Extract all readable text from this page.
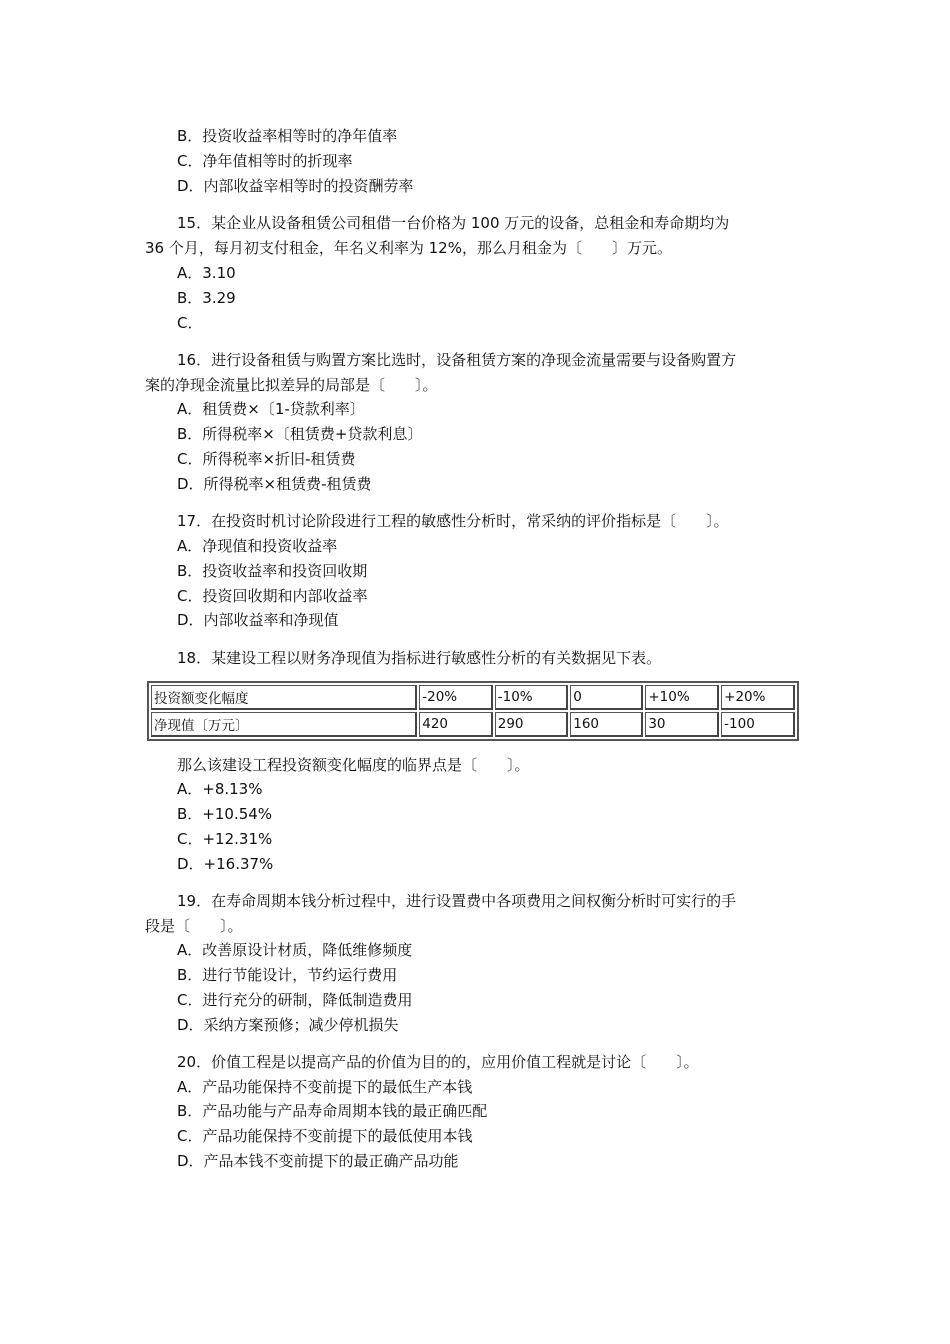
B．投资收益率相等时的净年值率
C．净年值相等时的折现率
D．内部收益宰相等时的投资酬劳率
15．某企业从设备租赁公司租借一台价格为 100 万元的设备，总租金和寿命期均为
36 个月，每月初支付租金，年名义利率为 12%，那么月租金为〔　　〕万元。
A．3.10
B．3.29
C．
16．进行设备租赁与购置方案比选时，设备租赁方案的净现金流量需要与设备购置方
案的净现金流量比拟差异的局部是〔　　〕。
A．租赁费×〔1-贷款利率〕
B．所得税率×〔租赁费+贷款利息〕
C．所得税率×折旧-租赁费
D．所得税率×租赁费-租赁费
17．在投资时机讨论阶段进行工程的敏感性分析时，常采纳的评价指标是〔　　〕。
A．净现值和投资收益率
B．投资收益率和投资回收期
C．投资回收期和内部收益率
D．内部收益率和净现值
18．某建设工程以财务净现值为指标进行敏感性分析的有关数据见下表。
投资额变化幅度	-20%	-10%	0	+10%	+20%
净现值〔万元〕	420	290	160	30	-100
那么该建设工程投资额变化幅度的临界点是〔　　〕。
A．+8.13%
B．+10.54%
C．+12.31%
D．+16.37%
19．在寿命周期本钱分析过程中，进行设置费中各项费用之间权衡分析时可实行的手
段是〔　　〕。
A．改善原设计材质，降低维修频度
B．进行节能设计，节约运行费用
C．进行充分的研制，降低制造费用
D．采纳方案预修；减少停机损失
20．价值工程是以提高产品的价值为目的的，应用价值工程就是讨论〔　　〕。
A．产品功能保持不变前提下的最低生产本钱
B．产品功能与产品寿命周期本钱的最正确匹配
C．产品功能保持不变前提下的最低使用本钱
D．产品本钱不变前提下的最正确产品功能
